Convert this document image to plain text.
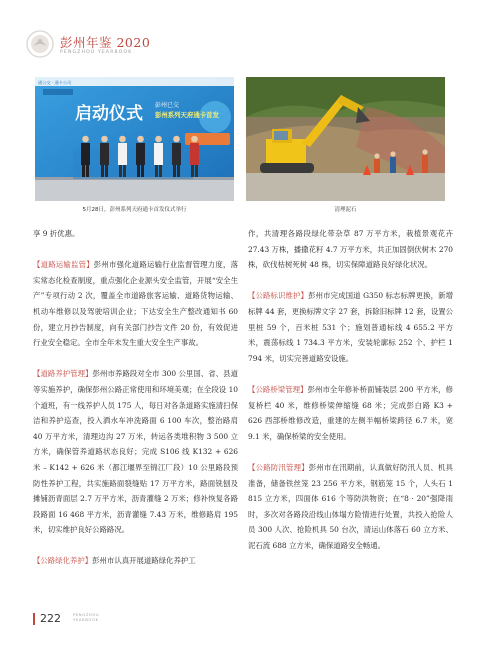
彭州年鉴 2020
PENGZHOU YEARBOOK
通公交 · 通卡公司
启动仪式 彭州已交
彭州系列天府通卡首发
5月28日，彭州系列天府通卡首发仪式举行	清理泥石

享 9 折优惠。

【道路运输监管】彭州市强化道路运输行业监督管理力度，落实常态化检查制度，重点强化企业源头安全监管，开展“安全生产”专项行动 2 次，覆盖全市道路旅客运输、道路货物运输、机动车维修以及驾驶培训企业；下达安全生产整改通知书 60 份，建立月抄告制度，向有关部门抄告文件 20 份，有效促进行业安全稳定。全市全年未发生重大安全生产事故。

【道路养护管理】彭州市养路段对全市 300 公里国、省、县道等实施养护，确保彭州公路正常使用和环境美观；在全段设 10 个道班，有一线养护人员 175 人，每日对各条道路实施清扫保洁和养护巡查，投入洒水车冲洗路面 6 100 车次，整治路肩 40 万平方米，清理边沟 27 万米，转运各类堆积物 3 500 立方米，确保管养道路状态良好；完成 S106 线 K132 + 626 米 – K142 + 626 米（都江堰界至锦江厂段）10 公里路段预防性养护工程，共实施路面裂缝贴 17 万平方米，路面铣刨及摊铺沥青面层 2.7 万平方米，沥青灌缝 2 万米；修补恢复各路段路面 16 468 平方米，沥青灌缝 7.43 万米，维修路肩 195 米，切实维护良好公路路况。

【公路绿化养护】彭州市认真开展道路绿化养护工

作，共清理各路段绿化带杂草 87 万平方米，栽植景观花卉 27.43 万株，播撒花籽 4.7 万平方米，共正加固倒伏树木 270 株，砍伐枯树死树 48 株，切实保障道路良好绿化状况。

【公路标识维护】彭州市完成国道 G350 标志标牌更换，新增标牌 44 套，更换标牌文字 27 套，拆除旧标牌 12 套，设置公里桩 59 个，百米桩 531 个；施划普通标线 4 655.2 平方米，震荡标线 1 734.3 平方米，安装轮廓标 252 个、护栏 1 794 米，切实完善道路安设施。

【公路桥梁管理】彭州市全年修补桥面铺装层 200 平方米，修复桥栏 40 米，维修桥梁伸缩缝 68 米；完成彭白路 K3 + 626 西部桥维修改造，重建的左侧半幅桥梁跨径 6.7 米，宽 9.1 米，确保桥梁的安全使用。

【公路防汛管理】彭州市在汛期前，认真做好防汛人员、机具准备，储备铁丝笼 23 256 平方米，钢筋笼 15 个，人头石 1 815 立方米，四面体 616 个等防洪物资；在“8 · 20”强降雨时，多次对各路段沿线山体塌方险情进行处置，共投入抢险人员 300 人次、抢险机具 50 台次，清运山体落石 60 立方米、泥石流 688 立方米，确保道路安全畅通。

222	PENGZHOU
YEARBOOK
